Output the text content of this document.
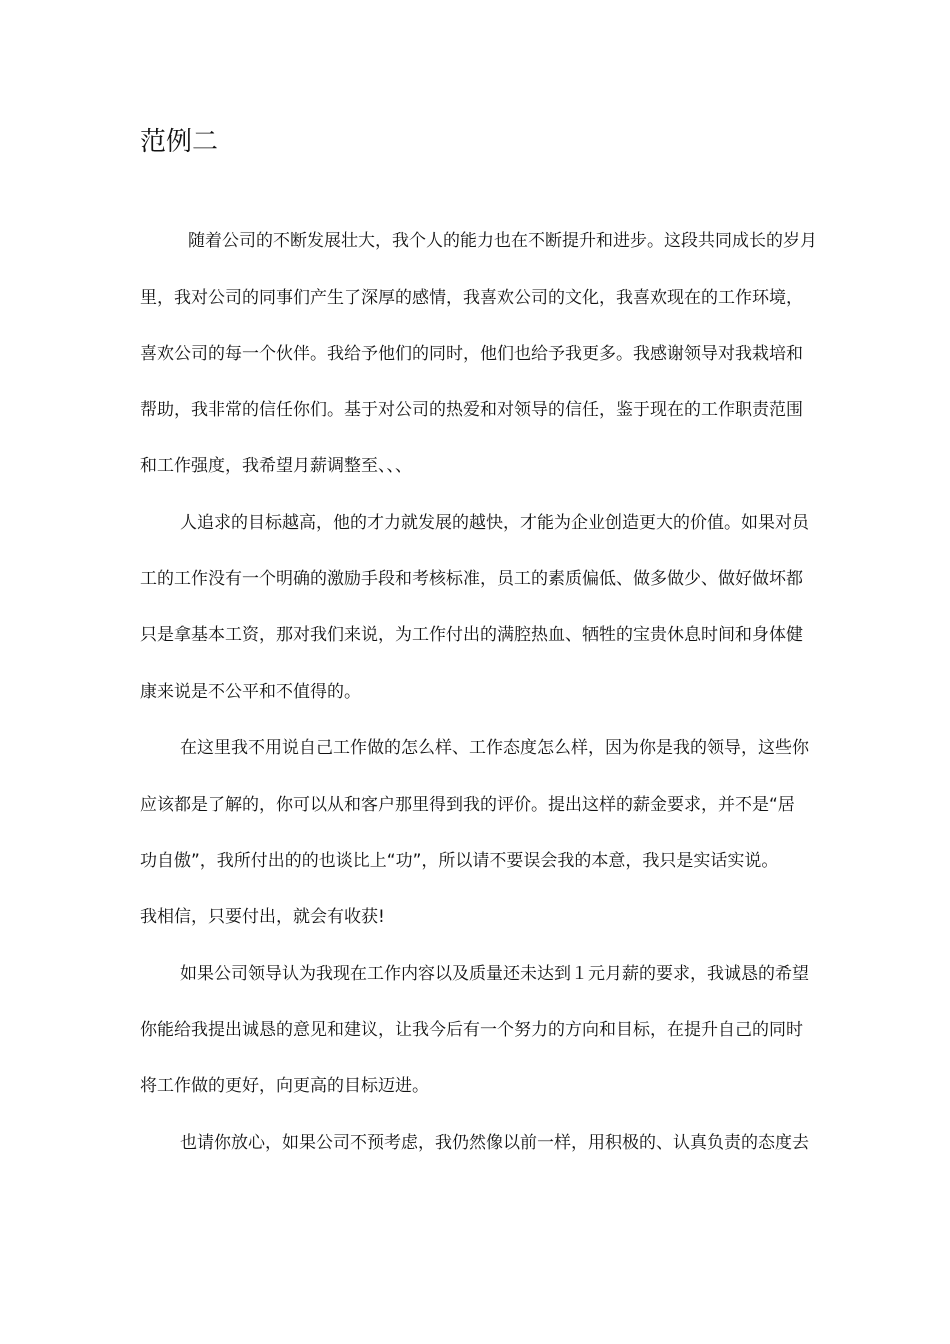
范例二

随着公司的不断发展壮大，我个人的能力也在不断提升和进步。这段共同成长的岁月

里，我对公司的同事们产生了深厚的感情，我喜欢公司的文化，我喜欢现在的工作环境，

喜欢公司的每一个伙伴。我给予他们的同时，他们也给予我更多。我感谢领导对我栽培和

帮助，我非常的信任你们。基于对公司的热爱和对领导的信任，鉴于现在的工作职责范围

和工作强度，我希望月薪调整至、、、

人追求的目标越高，他的才力就发展的越快，才能为企业创造更大的价值。如果对员

工的工作没有一个明确的激励手段和考核标准，员工的素质偏低、做多做少、做好做坏都

只是拿基本工资，那对我们来说，为工作付出的满腔热血、牺牲的宝贵休息时间和身体健

康来说是不公平和不值得的。

在这里我不用说自己工作做的怎么样、工作态度怎么样，因为你是我的领导，这些你

应该都是了解的，你可以从和客户那里得到我的评价。提出这样的薪金要求，并不是“居

功自傲”，我所付出的的也谈比上“功”，所以请不要误会我的本意，我只是实话实说。

我相信，只要付出，就会有收获!

如果公司领导认为我现在工作内容以及质量还未达到１元月薪的要求，我诚恳的希望

你能给我提出诚恳的意见和建议，让我今后有一个努力的方向和目标，在提升自己的同时

将工作做的更好，向更高的目标迈进。

也请你放心，如果公司不预考虑，我仍然像以前一样，用积极的、认真负责的态度去
